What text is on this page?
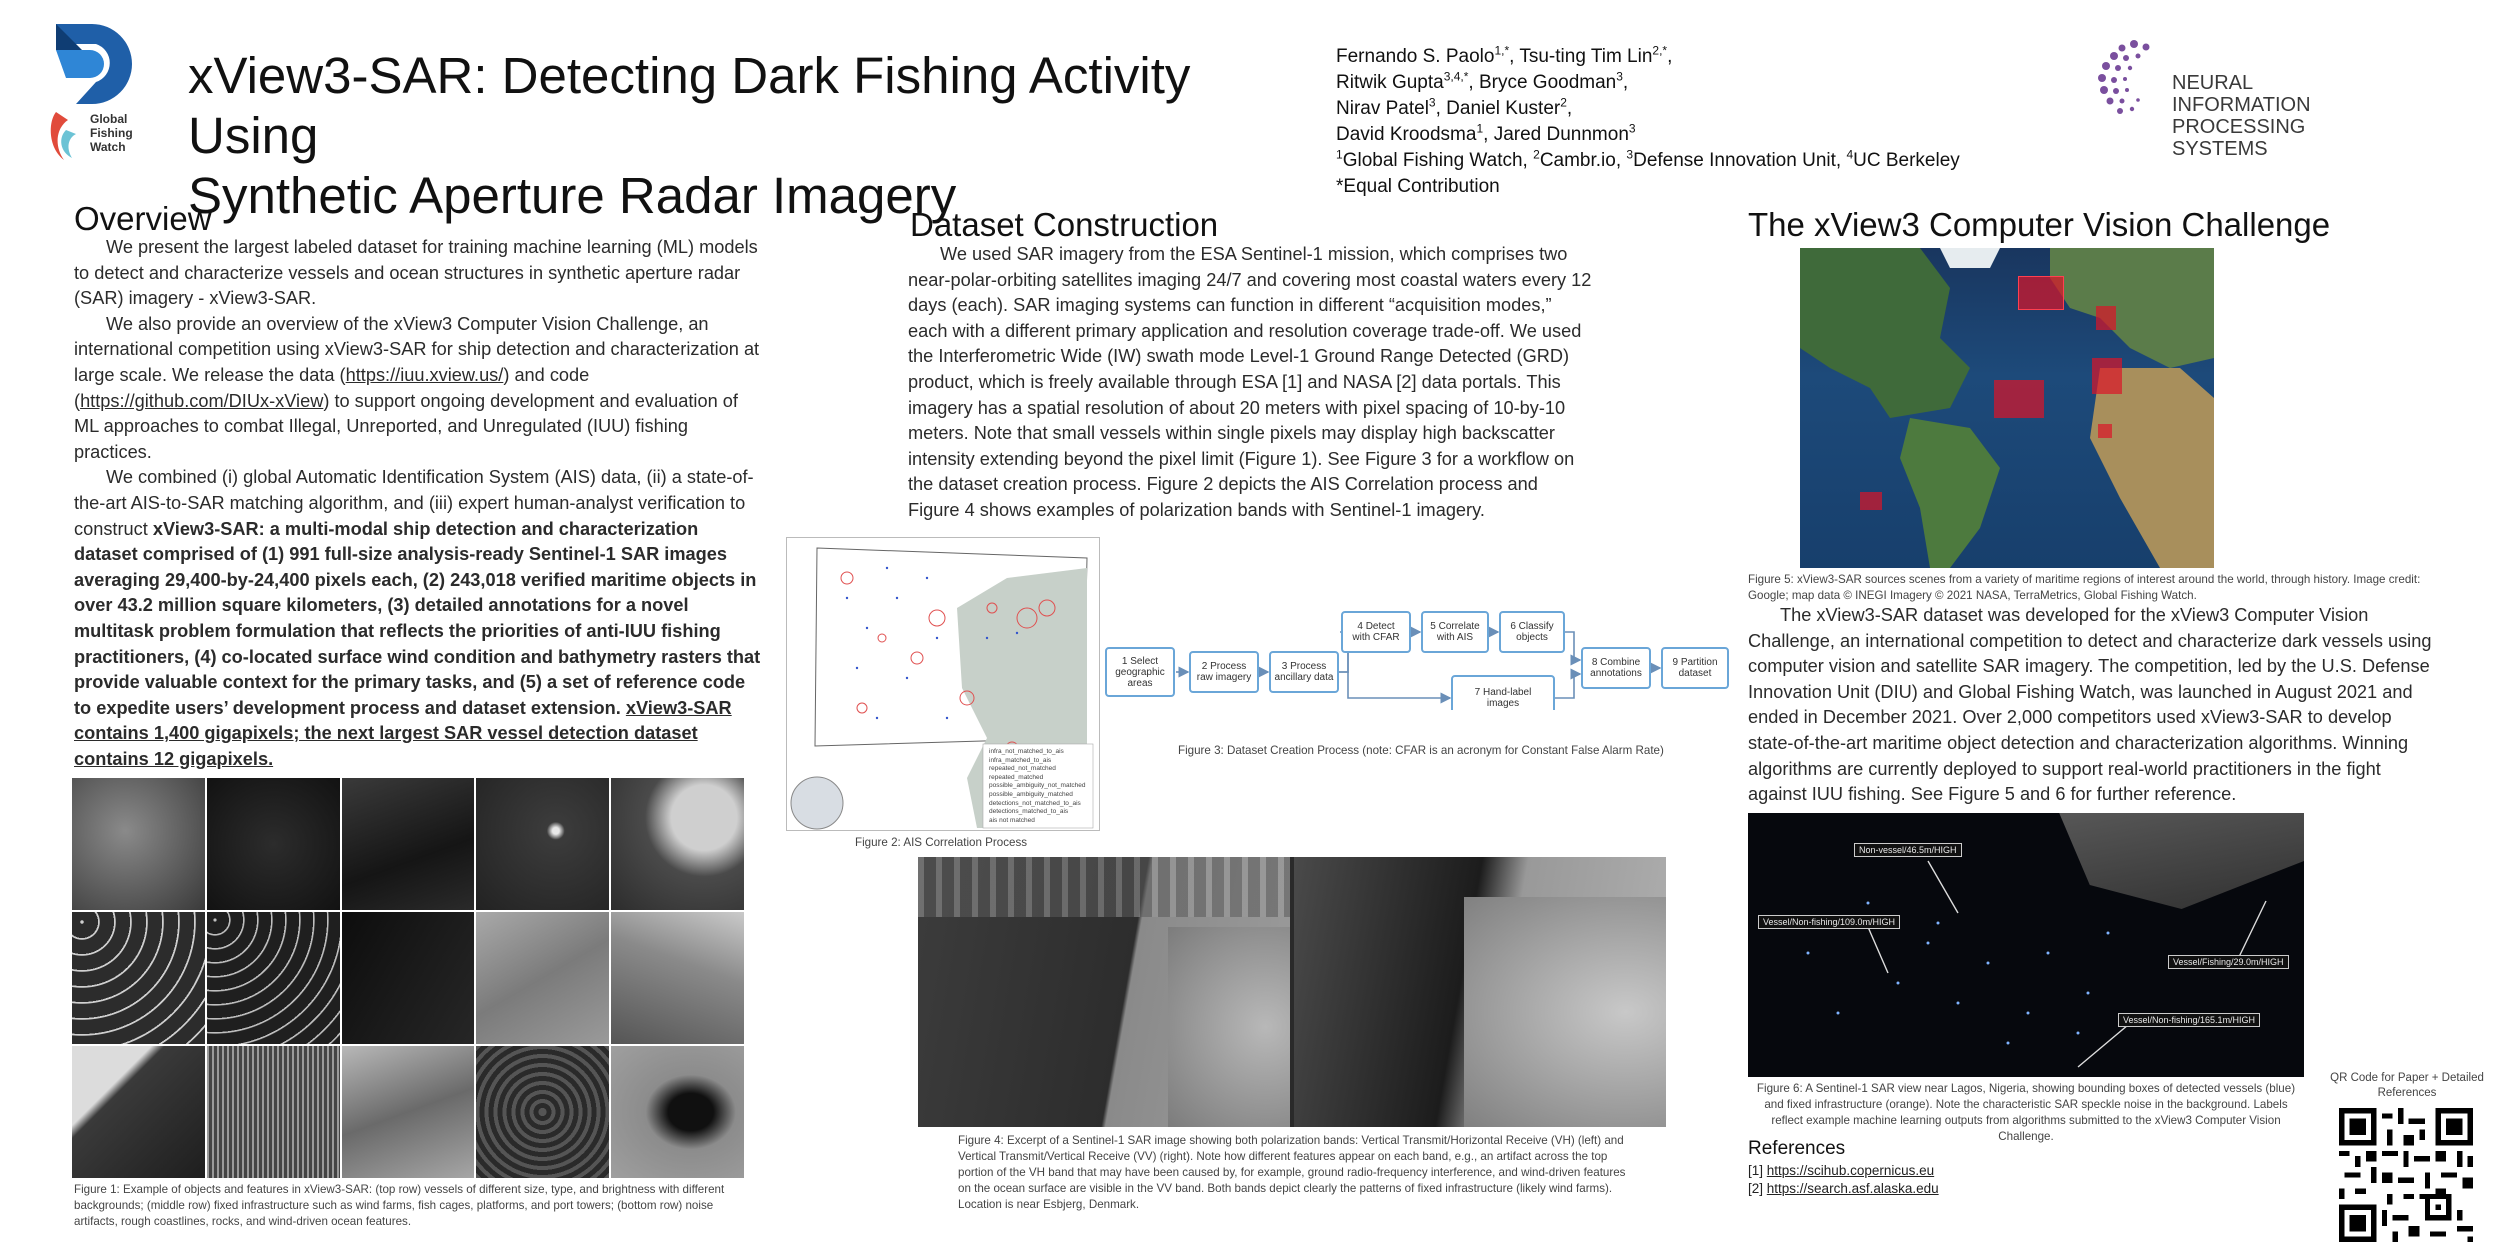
Global
Fishing
Watch
xView3-SAR: Detecting Dark Fishing Activity Using
Synthetic Aperture Radar Imagery
Fernando S. Paolo$^{1,*}$, Tsu-ting Tim Lin$^{2,*}$,
Ritwik Gupta$^{3,4,*}$, Bryce Goodman$^3$,
Nirav Patel$^3$, Daniel Kuster$^2$,
David Kroodsma$^1$, Jared Dunnmon$^3$
$^1$Global Fishing Watch, $^2$Cambr.io, $^3$Defense Innovation Unit, $^4$UC Berkeley
*Equal Contribution
NEURAL INFORMATION
PROCESSING SYSTEMS
Overview

We present the largest labeled dataset for training machine learning (ML) models to detect and characterize vessels and ocean structures in synthetic aperture radar (SAR) imagery - xView3-SAR.

We also provide an overview of the xView3 Computer Vision Challenge, an international competition using xView3-SAR for ship detection and characterization at large scale. We release the data (https://iuu.xview.us/) and code (https://github.com/DIUx-xView) to support ongoing development and evaluation of ML approaches to combat Illegal, Unreported, and Unregulated (IUU) fishing practices.

We combined (i) global Automatic Identification System (AIS) data, (ii) a state-of-the-art AIS-to-SAR matching algorithm, and (iii) expert human-analyst verification to construct xView3-SAR: a multi-modal ship detection and characterization dataset comprised of (1) 991 full-size analysis-ready Sentinel-1 SAR images averaging 29,400-by-24,400 pixels each, (2) 243,018 verified maritime objects in over 43.2 million square kilometers, (3) detailed annotations for a novel multitask problem formulation that reflects the priorities of anti-IUU fishing practitioners, (4) co-located surface wind condition and bathymetry rasters that provide valuable context for the primary tasks, and (5) a set of reference code to expedite users’ development process and dataset extension. xView3-SAR contains 1,400 gigapixels; the next largest SAR vessel detection dataset contains 12 gigapixels.

Figure 1: Example of objects and features in xView3-SAR: (top row) vessels of different size, type, and brightness with different backgrounds; (middle row) fixed infrastructure such as wind farms, fish cages, platforms, and port towers; (bottom row) noise artifacts, rough coastlines, rocks, and wind-driven ocean features.
Dataset Construction

We used SAR imagery from the ESA Sentinel-1 mission, which comprises two near-polar-orbiting satellites imaging 24/7 and covering most coastal waters every 12 days (each). SAR imaging systems can function in different “acquisition modes,” each with a different primary application and resolution coverage trade-off. We used the Interferometric Wide (IW) swath mode Level-1 Ground Range Detected (GRD) product, which is freely available through ESA [1] and NASA [2] data portals. This imagery has a spatial resolution of about 20 meters with pixel spacing of 10-by-10 meters. Note that small vessels within single pixels may display high backscatter intensity extending beyond the pixel limit (Figure 1). See Figure 3 for a workflow on the dataset creation process. Figure 2 depicts the AIS Correlation process and Figure 4 shows examples of polarization bands with Sentinel-1 imagery.

infra_not_matched_to_ais
infra_matched_to_ais
repeated_not_matched
repeated_matched
possible_ambiguity_not_matched
possible_ambiguity_matched
detections_not_matched_to_ais
detections_matched_to_ais
ais not matched
Figure 2: AIS Correlation Process
1 Select
geographic
areas
2 Process
raw imagery
3 Process
ancillary data
4 Detect
with CFAR
5 Correlate
with AIS
6 Classify
objects
7 Hand-label
images
8 Combine
annotations
9 Partition
dataset
Figure 3: Dataset Creation Process (note: CFAR is an acronym for Constant False Alarm Rate)
Figure 4: Excerpt of a Sentinel-1 SAR image showing both polarization bands: Vertical Transmit/Horizontal Receive (VH) (left) and Vertical Transmit/Vertical Receive (VV) (right). Note how different features appear on each band, e.g., an artifact across the top portion of the VH band that may have been caused by, for example, ground radio-frequency interference, and wind-driven features on the ocean surface are visible in the VV band. Both bands depict clearly the patterns of fixed infrastructure (likely wind farms). Location is near Esbjerg, Denmark.
The xView3 Computer Vision Challenge
Figure 5: xView3-SAR sources scenes from a variety of maritime regions of interest around the world, through history. Image credit: Google; map data © INEGI Imagery © 2021 NASA, TerraMetrics, Global Fishing Watch.

The xView3-SAR dataset was developed for the xView3 Computer Vision Challenge, an international competition to detect and characterize dark vessels using computer vision and satellite SAR imagery. The competition, led by the U.S. Defense Innovation Unit (DIU) and Global Fishing Watch, was launched in August 2021 and ended in December 2021. Over 2,000 competitors used xView3-SAR to develop state-of-the-art maritime object detection and characterization algorithms. Winning algorithms are currently deployed to support real-world practitioners in the fight against IUU fishing. See Figure 5 and 6 for further reference.

Non-vessel/46.5m/HIGH
Vessel/Non-fishing/109.0m/HIGH
Vessel/Fishing/29.0m/HIGH
Vessel/Non-fishing/165.1m/HIGH
Figure 6: A Sentinel-1 SAR view near Lagos, Nigeria, showing bounding boxes of detected vessels (blue) and fixed infrastructure (orange). Note the characteristic SAR speckle noise in the background. Labels reflect example machine learning outputs from algorithms submitted to the xView3 Computer Vision Challenge.
References
[1] https://scihub.copernicus.eu
[2] https://search.asf.alaska.edu
QR Code for Paper + Detailed References
